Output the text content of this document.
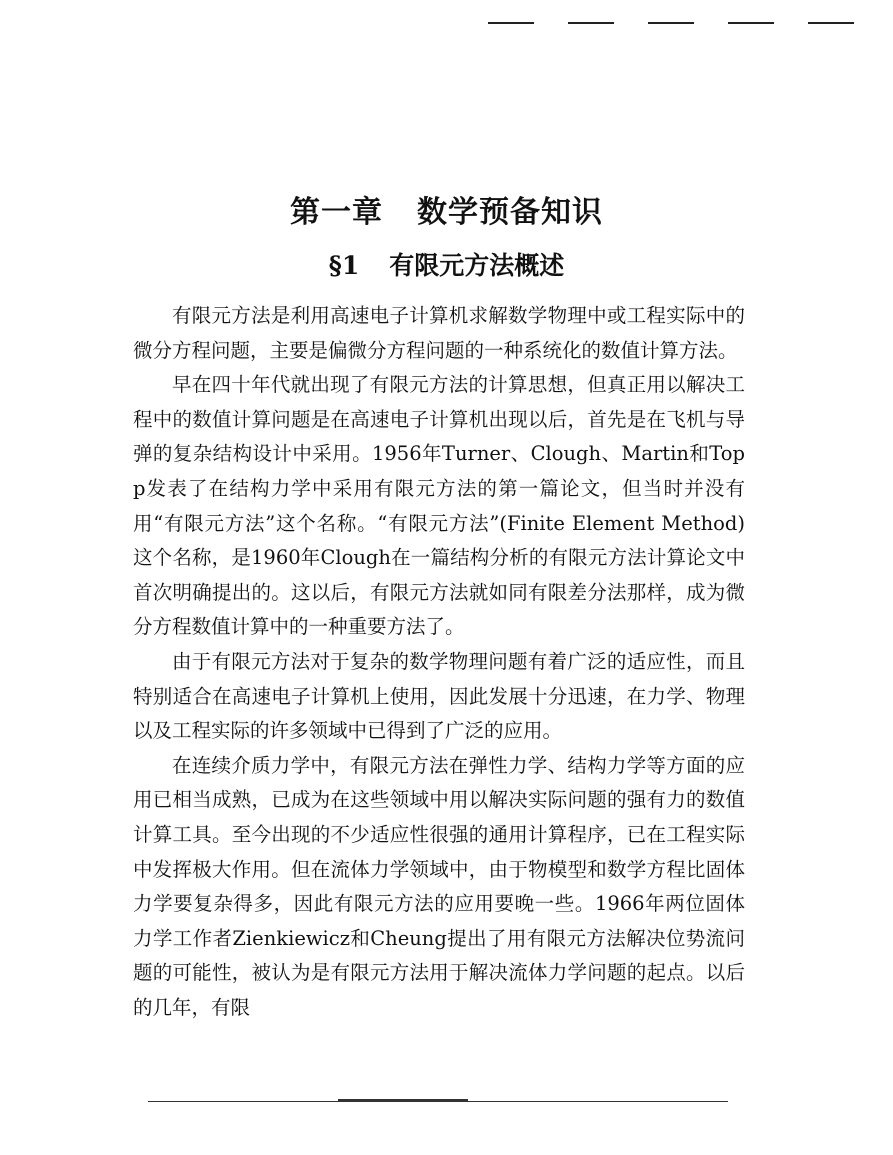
第一章 数学预备知识
§1 有限元方法概述

有限元方法是利用高速电子计算机求解数学物理中或工程实际中的微分方程问题，主要是偏微分方程问题的一种系统化的数值计算方法。

早在四十年代就出现了有限元方法的计算思想，但真正用以解决工程中的数值计算问题是在高速电子计算机出现以后，首先是在飞机与导弹的复杂结构设计中采用。1956年Turner、Clough、Martin和Topp发表了在结构力学中采用有限元方法的第一篇论文，但当时并没有用“有限元方法”这个名称。“有限元方法”(Finite Element Method)这个名称，是1960年Clough在一篇结构分析的有限元方法计算论文中首次明确提出的。这以后，有限元方法就如同有限差分法那样，成为微分方程数值计算中的一种重要方法了。

由于有限元方法对于复杂的数学物理问题有着广泛的适应性，而且特别适合在高速电子计算机上使用，因此发展十分迅速，在力学、物理以及工程实际的许多领域中已得到了广泛的应用。

在连续介质力学中，有限元方法在弹性力学、结构力学等方面的应用已相当成熟，已成为在这些领域中用以解决实际问题的强有力的数值计算工具。至今出现的不少适应性很强的通用计算程序，已在工程实际中发挥极大作用。但在流体力学领域中，由于物模型和数学方程比固体力学要复杂得多，因此有限元方法的应用要晚一些。1966年两位固体力学工作者Zienkiewicz和Cheung提出了用有限元方法解决位势流问题的可能性，被认为是有限元方法用于解决流体力学问题的起点。以后的几年，有限
